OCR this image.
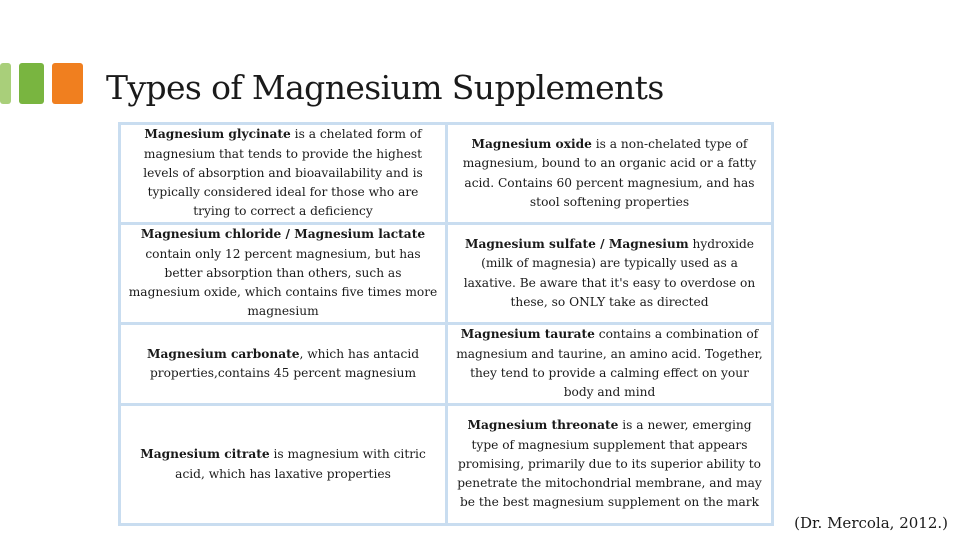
Types of Magnesium Supplements

Magnesium glycinate is a chelated form of magnesium that tends to provide the highest levels of absorption and bioavailability and is typically considered ideal for those who are trying to correct a deficiency

Magnesium oxide is a non-chelated type of magnesium, bound to an organic acid or a fatty acid. Contains 60 percent magnesium, and has stool softening properties

Magnesium chloride / Magnesium lactate contain only 12 percent magnesium, but has better absorption than others, such as magnesium oxide, which contains five times more magnesium

Magnesium sulfate / Magnesium hydroxide (milk of magnesia) are typically used as a laxative. Be aware that it's easy to overdose on these, so ONLY take as directed

Magnesium carbonate, which has antacid properties,contains 45 percent magnesium

Magnesium taurate contains a combination of magnesium and taurine, an amino acid. Together, they tend to provide a calming effect on your body and mind

Magnesium citrate is magnesium with citric acid, which has laxative properties

Magnesium threonate is a newer, emerging type of magnesium supplement that appears promising, primarily due to its superior ability to penetrate the mitochondrial membrane, and may be the best magnesium supplement on the mark

(Dr. Mercola, 2012.)
